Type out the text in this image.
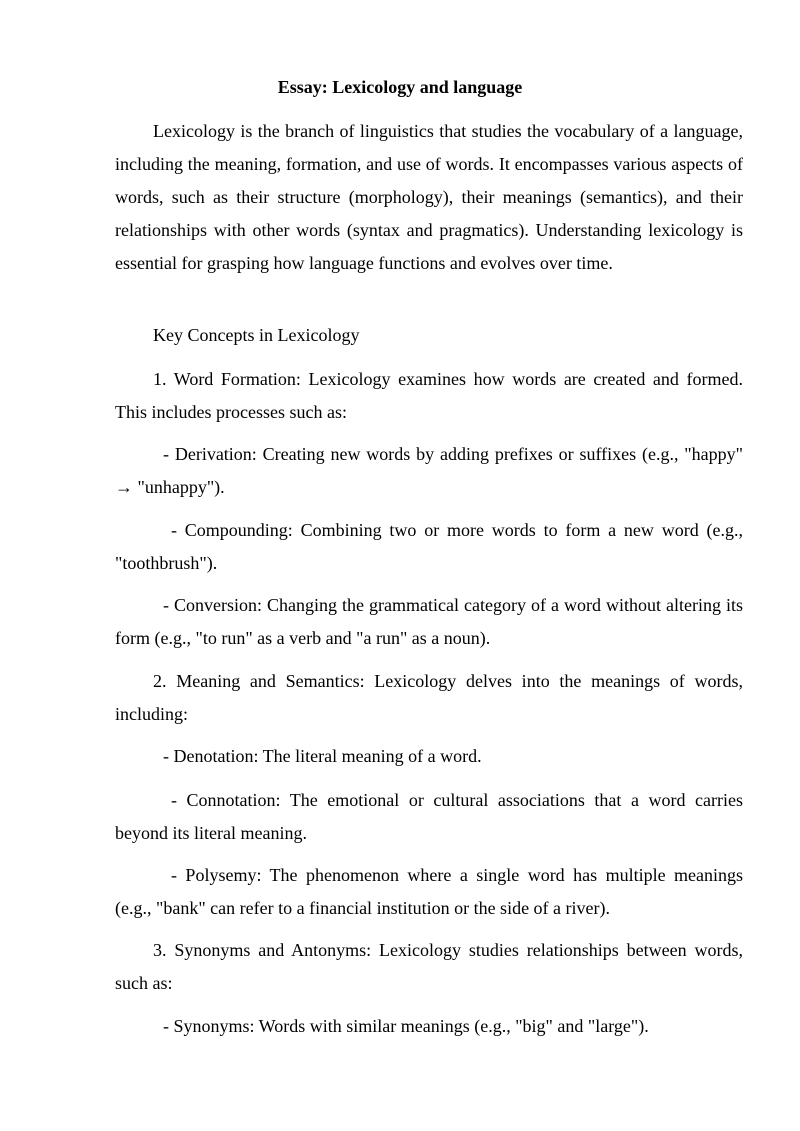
Essay: Lexicology and language

Lexicology is the branch of linguistics that studies the vocabulary of a language, including the meaning, formation, and use of words. It encompasses various aspects of words, such as their structure (morphology), their meanings (semantics), and their relationships with other words (syntax and pragmatics). Understanding lexicology is essential for grasping how language functions and evolves over time.

Key Concepts in Lexicology

1. Word Formation: Lexicology examines how words are created and formed. This includes processes such as:

- Derivation: Creating new words by adding prefixes or suffixes (e.g., "happy" → "unhappy").

- Compounding: Combining two or more words to form a new word (e.g., "toothbrush").

- Conversion: Changing the grammatical category of a word without altering its form (e.g., "to run" as a verb and "a run" as a noun).

2. Meaning and Semantics: Lexicology delves into the meanings of words, including:

- Denotation: The literal meaning of a word.

- Connotation: The emotional or cultural associations that a word carries beyond its literal meaning.

- Polysemy: The phenomenon where a single word has multiple meanings (e.g., "bank" can refer to a financial institution or the side of a river).

3. Synonyms and Antonyms: Lexicology studies relationships between words, such as:

- Synonyms: Words with similar meanings (e.g., "big" and "large").
